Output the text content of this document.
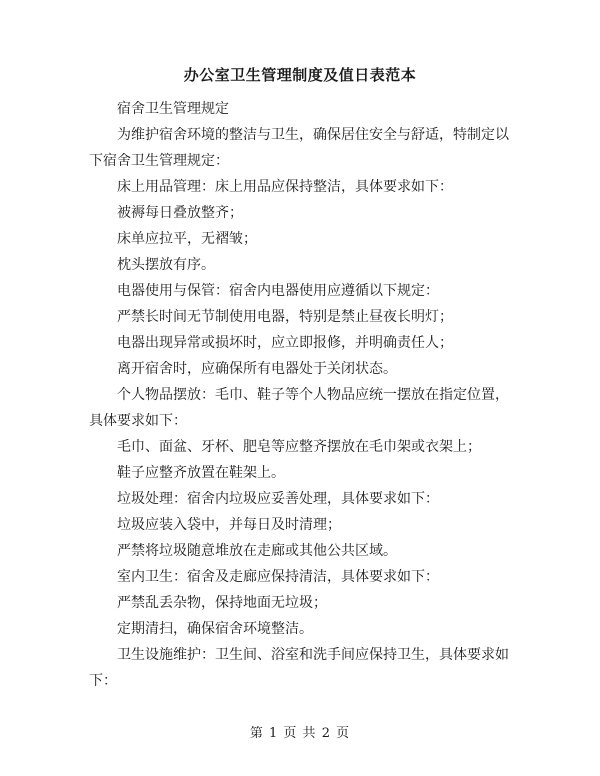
办公室卫生管理制度及值日表范本

宿舍卫生管理规定

为维护宿舍环境的整洁与卫生，确保居住安全与舒适，特制定以下宿舍卫生管理规定：

床上用品管理：床上用品应保持整洁，具体要求如下：

被褥每日叠放整齐；

床单应拉平，无褶皱；

枕头摆放有序。

电器使用与保管：宿舍内电器使用应遵循以下规定：

严禁长时间无节制使用电器，特别是禁止昼夜长明灯；

电器出现异常或损坏时，应立即报修，并明确责任人；

离开宿舍时，应确保所有电器处于关闭状态。

个人物品摆放：毛巾、鞋子等个人物品应统一摆放在指定位置，具体要求如下：

毛巾、面盆、牙杯、肥皂等应整齐摆放在毛巾架或衣架上；

鞋子应整齐放置在鞋架上。

垃圾处理：宿舍内垃圾应妥善处理，具体要求如下：

垃圾应装入袋中，并每日及时清理；

严禁将垃圾随意堆放在走廊或其他公共区域。

室内卫生：宿舍及走廊应保持清洁，具体要求如下：

严禁乱丢杂物，保持地面无垃圾；

定期清扫，确保宿舍环境整洁。

卫生设施维护：卫生间、浴室和洗手间应保持卫生，具体要求如下：

第 1 页 共 2 页
